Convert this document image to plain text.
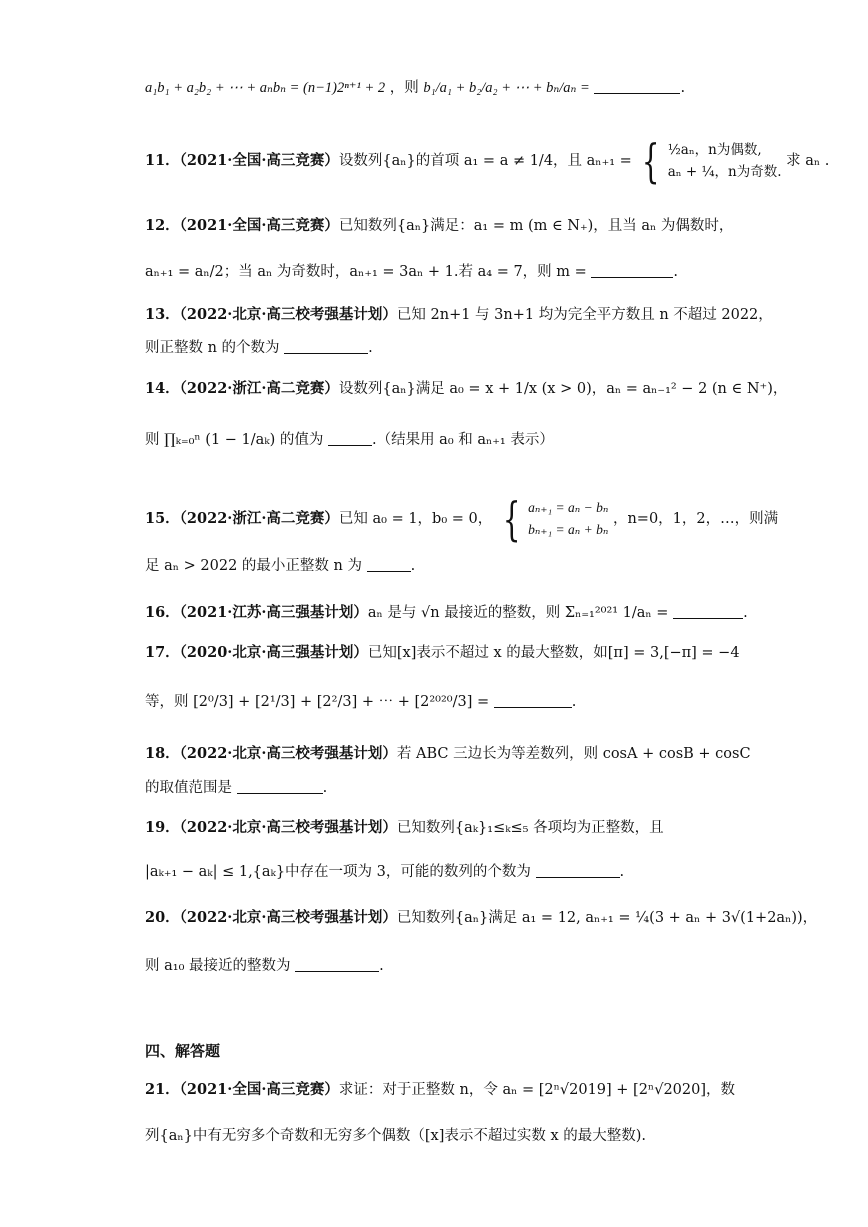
a₁b₁ + a₂b₂ + ⋯ + aₙbₙ = (n−1)2ⁿ⁺¹ + 2 ，则 b₁/a₁ + b₂/a₂ + ⋯ + bₙ/aₙ =	.
11．（2021·全国·高三竞赛）设数列{aₙ}的首项 a₁ = a ≠ 1/4，且 aₙ₊₁ = { ½aₙ，n为偶数,
aₙ + ¼，n为奇数.
求 aₙ .
12．（2021·全国·高三竞赛）已知数列{aₙ}满足：a₁ = m (m ∈ N₊)，且当 aₙ 为偶数时，
aₙ₊₁ = aₙ/2；当 aₙ 为奇数时，aₙ₊₁ = 3aₙ + 1.若 a₄ = 7，则 m =	.
13．（2022·北京·高三校考强基计划）已知 2n+1 与 3n+1 均为完全平方数且 n 不超过 2022，
则正整数 n 的个数为	.
14．（2022·浙江·高二竞赛）设数列{aₙ}满足 a₀ = x + 1/x (x > 0)，aₙ = aₙ₋₁² − 2 (n ∈ N⁺)，
则 ∏ₖ₌₀ⁿ (1 − 1/aₖ) 的值为	.（结果用 a₀ 和 aₙ₊₁ 表示）
15．（2022·浙江·高二竞赛）已知 a₀ = 1，b₀ = 0， { aₙ₊₁ = aₙ − bₙ
bₙ₊₁ = aₙ + bₙ
，n=0，1，2，…，则满
足 aₙ > 2022 的最小正整数 n 为	.
16．（2021·江苏·高三强基计划）aₙ 是与 √n 最接近的整数，则 Σₙ₌₁²⁰²¹ 1/aₙ =	.
17．（2020·北京·高三强基计划）已知[x]表示不超过 x 的最大整数，如[π] = 3,[−π] = −4
等，则 [2⁰/3] + [2¹/3] + [2²/3] + ⋯ + [2²⁰²⁰/3] =	.
18．（2022·北京·高三校考强基计划）若 ABC 三边长为等差数列，则 cosA + cosB + cosC
的取值范围是	.
19．（2022·北京·高三校考强基计划）已知数列{aₖ}₁≤ₖ≤₅ 各项均为正整数，且
|aₖ₊₁ − aₖ| ≤ 1,{aₖ}中存在一项为 3，可能的数列的个数为	.
20．（2022·北京·高三校考强基计划）已知数列{aₙ}满足 a₁ = 12, aₙ₊₁ = ¼(3 + aₙ + 3√(1+2aₙ))，
则 a₁₀ 最接近的整数为	.
四、解答题
21．（2021·全国·高三竞赛）求证：对于正整数 n，令 aₙ = [2ⁿ√2019] + [2ⁿ√2020]，数
列{aₙ}中有无穷多个奇数和无穷多个偶数（[x]表示不超过实数 x 的最大整数).
